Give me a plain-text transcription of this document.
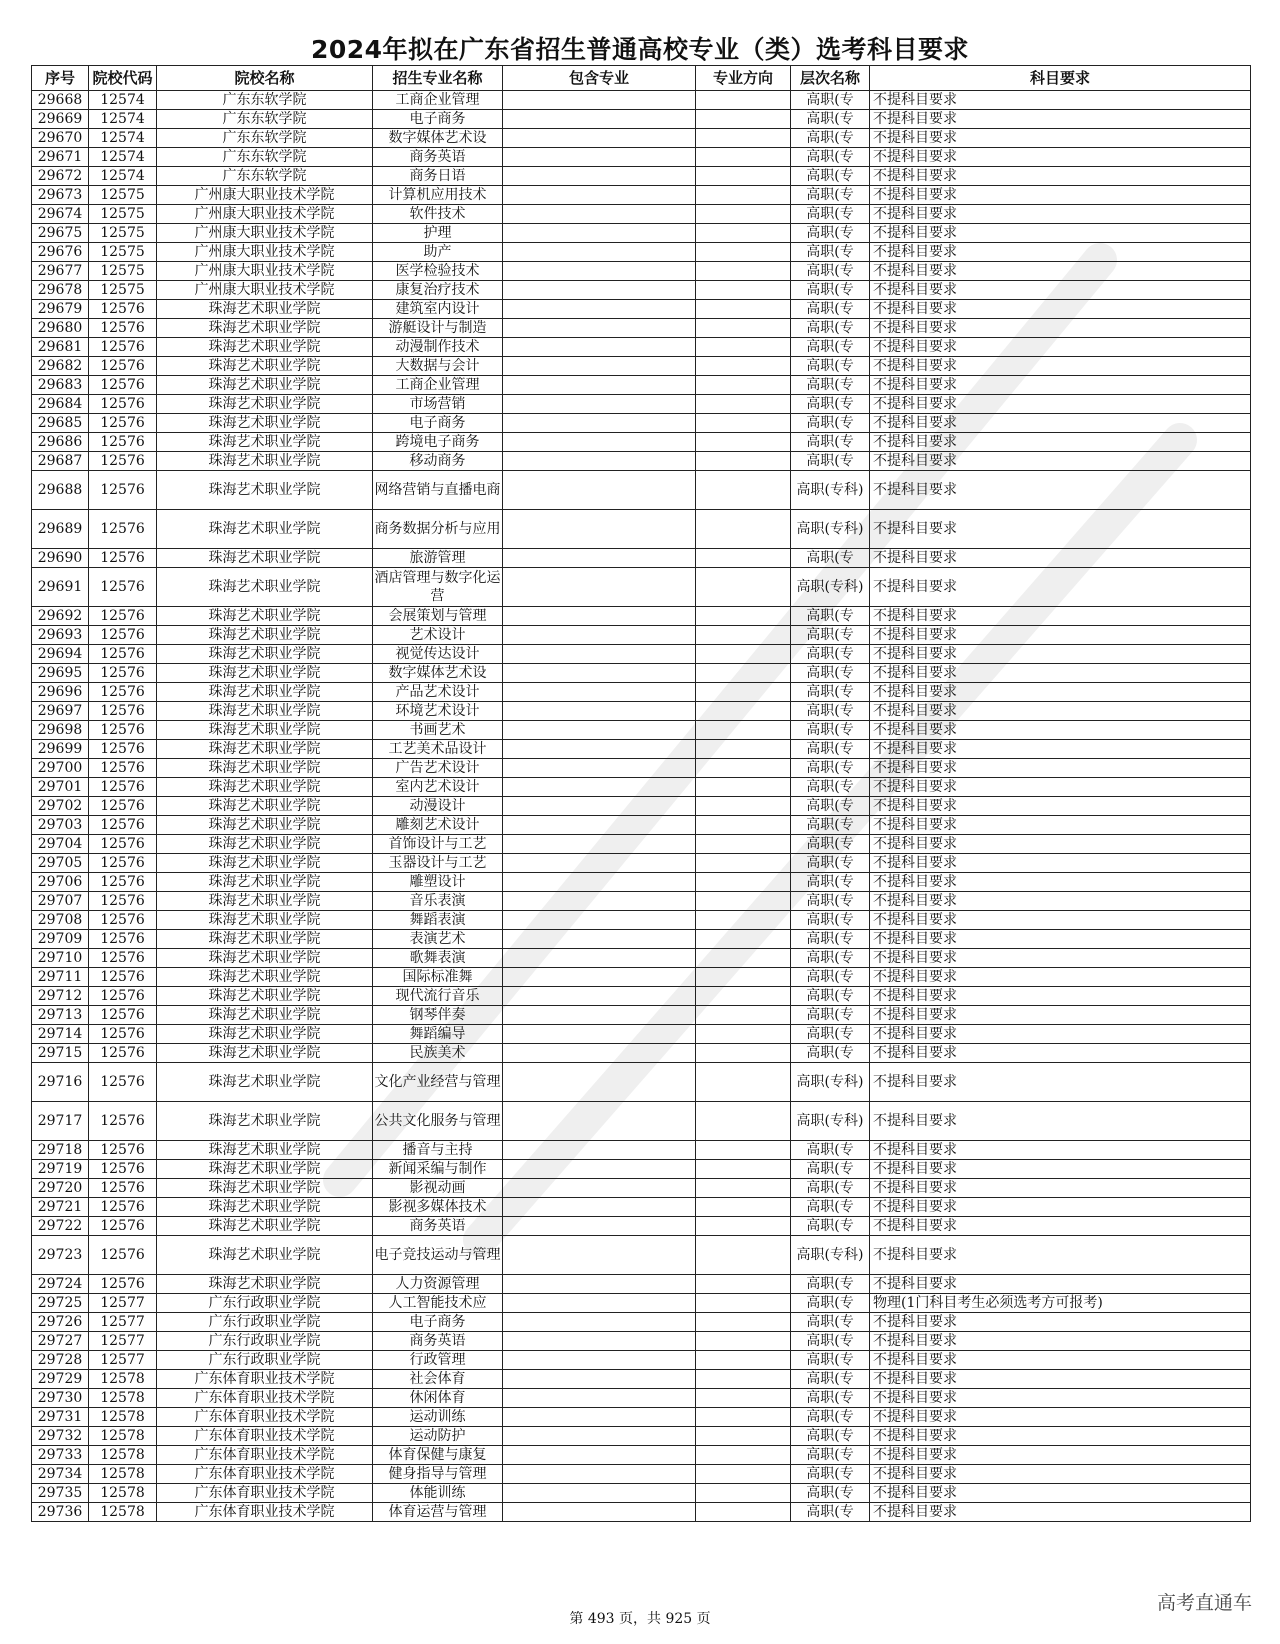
2024年拟在广东省招生普通高校专业（类）选考科目要求
序号	院校代码	院校名称	招生专业名称	包含专业	专业方向	层次名称	科目要求
29668	12574	广东东软学院	工商企业管理			高职(专	不提科目要求
29669	12574	广东东软学院	电子商务			高职(专	不提科目要求
29670	12574	广东东软学院	数字媒体艺术设			高职(专	不提科目要求
29671	12574	广东东软学院	商务英语			高职(专	不提科目要求
29672	12574	广东东软学院	商务日语			高职(专	不提科目要求
29673	12575	广州康大职业技术学院	计算机应用技术			高职(专	不提科目要求
29674	12575	广州康大职业技术学院	软件技术			高职(专	不提科目要求
29675	12575	广州康大职业技术学院	护理			高职(专	不提科目要求
29676	12575	广州康大职业技术学院	助产			高职(专	不提科目要求
29677	12575	广州康大职业技术学院	医学检验技术			高职(专	不提科目要求
29678	12575	广州康大职业技术学院	康复治疗技术			高职(专	不提科目要求
29679	12576	珠海艺术职业学院	建筑室内设计			高职(专	不提科目要求
29680	12576	珠海艺术职业学院	游艇设计与制造			高职(专	不提科目要求
29681	12576	珠海艺术职业学院	动漫制作技术			高职(专	不提科目要求
29682	12576	珠海艺术职业学院	大数据与会计			高职(专	不提科目要求
29683	12576	珠海艺术职业学院	工商企业管理			高职(专	不提科目要求
29684	12576	珠海艺术职业学院	市场营销			高职(专	不提科目要求
29685	12576	珠海艺术职业学院	电子商务			高职(专	不提科目要求
29686	12576	珠海艺术职业学院	跨境电子商务			高职(专	不提科目要求
29687	12576	珠海艺术职业学院	移动商务			高职(专	不提科目要求
29688	12576	珠海艺术职业学院	网络营销与直播电商			高职(专科)	不提科目要求
29689	12576	珠海艺术职业学院	商务数据分析与应用			高职(专科)	不提科目要求
29690	12576	珠海艺术职业学院	旅游管理			高职(专	不提科目要求
29691	12576	珠海艺术职业学院	酒店管理与数字化运营			高职(专科)	不提科目要求
29692	12576	珠海艺术职业学院	会展策划与管理			高职(专	不提科目要求
29693	12576	珠海艺术职业学院	艺术设计			高职(专	不提科目要求
29694	12576	珠海艺术职业学院	视觉传达设计			高职(专	不提科目要求
29695	12576	珠海艺术职业学院	数字媒体艺术设			高职(专	不提科目要求
29696	12576	珠海艺术职业学院	产品艺术设计			高职(专	不提科目要求
29697	12576	珠海艺术职业学院	环境艺术设计			高职(专	不提科目要求
29698	12576	珠海艺术职业学院	书画艺术			高职(专	不提科目要求
29699	12576	珠海艺术职业学院	工艺美术品设计			高职(专	不提科目要求
29700	12576	珠海艺术职业学院	广告艺术设计			高职(专	不提科目要求
29701	12576	珠海艺术职业学院	室内艺术设计			高职(专	不提科目要求
29702	12576	珠海艺术职业学院	动漫设计			高职(专	不提科目要求
29703	12576	珠海艺术职业学院	雕刻艺术设计			高职(专	不提科目要求
29704	12576	珠海艺术职业学院	首饰设计与工艺			高职(专	不提科目要求
29705	12576	珠海艺术职业学院	玉器设计与工艺			高职(专	不提科目要求
29706	12576	珠海艺术职业学院	雕塑设计			高职(专	不提科目要求
29707	12576	珠海艺术职业学院	音乐表演			高职(专	不提科目要求
29708	12576	珠海艺术职业学院	舞蹈表演			高职(专	不提科目要求
29709	12576	珠海艺术职业学院	表演艺术			高职(专	不提科目要求
29710	12576	珠海艺术职业学院	歌舞表演			高职(专	不提科目要求
29711	12576	珠海艺术职业学院	国际标准舞			高职(专	不提科目要求
29712	12576	珠海艺术职业学院	现代流行音乐			高职(专	不提科目要求
29713	12576	珠海艺术职业学院	钢琴伴奏			高职(专	不提科目要求
29714	12576	珠海艺术职业学院	舞蹈编导			高职(专	不提科目要求
29715	12576	珠海艺术职业学院	民族美术			高职(专	不提科目要求
29716	12576	珠海艺术职业学院	文化产业经营与管理			高职(专科)	不提科目要求
29717	12576	珠海艺术职业学院	公共文化服务与管理			高职(专科)	不提科目要求
29718	12576	珠海艺术职业学院	播音与主持			高职(专	不提科目要求
29719	12576	珠海艺术职业学院	新闻采编与制作			高职(专	不提科目要求
29720	12576	珠海艺术职业学院	影视动画			高职(专	不提科目要求
29721	12576	珠海艺术职业学院	影视多媒体技术			高职(专	不提科目要求
29722	12576	珠海艺术职业学院	商务英语			高职(专	不提科目要求
29723	12576	珠海艺术职业学院	电子竞技运动与管理			高职(专科)	不提科目要求
29724	12576	珠海艺术职业学院	人力资源管理			高职(专	不提科目要求
29725	12577	广东行政职业学院	人工智能技术应			高职(专	物理(1门科目考生必须选考方可报考)
29726	12577	广东行政职业学院	电子商务			高职(专	不提科目要求
29727	12577	广东行政职业学院	商务英语			高职(专	不提科目要求
29728	12577	广东行政职业学院	行政管理			高职(专	不提科目要求
29729	12578	广东体育职业技术学院	社会体育			高职(专	不提科目要求
29730	12578	广东体育职业技术学院	休闲体育			高职(专	不提科目要求
29731	12578	广东体育职业技术学院	运动训练			高职(专	不提科目要求
29732	12578	广东体育职业技术学院	运动防护			高职(专	不提科目要求
29733	12578	广东体育职业技术学院	体育保健与康复			高职(专	不提科目要求
29734	12578	广东体育职业技术学院	健身指导与管理			高职(专	不提科目要求
29735	12578	广东体育职业技术学院	体能训练			高职(专	不提科目要求
29736	12578	广东体育职业技术学院	体育运营与管理			高职(专	不提科目要求
第 493 页，共 925 页
高考直通车
